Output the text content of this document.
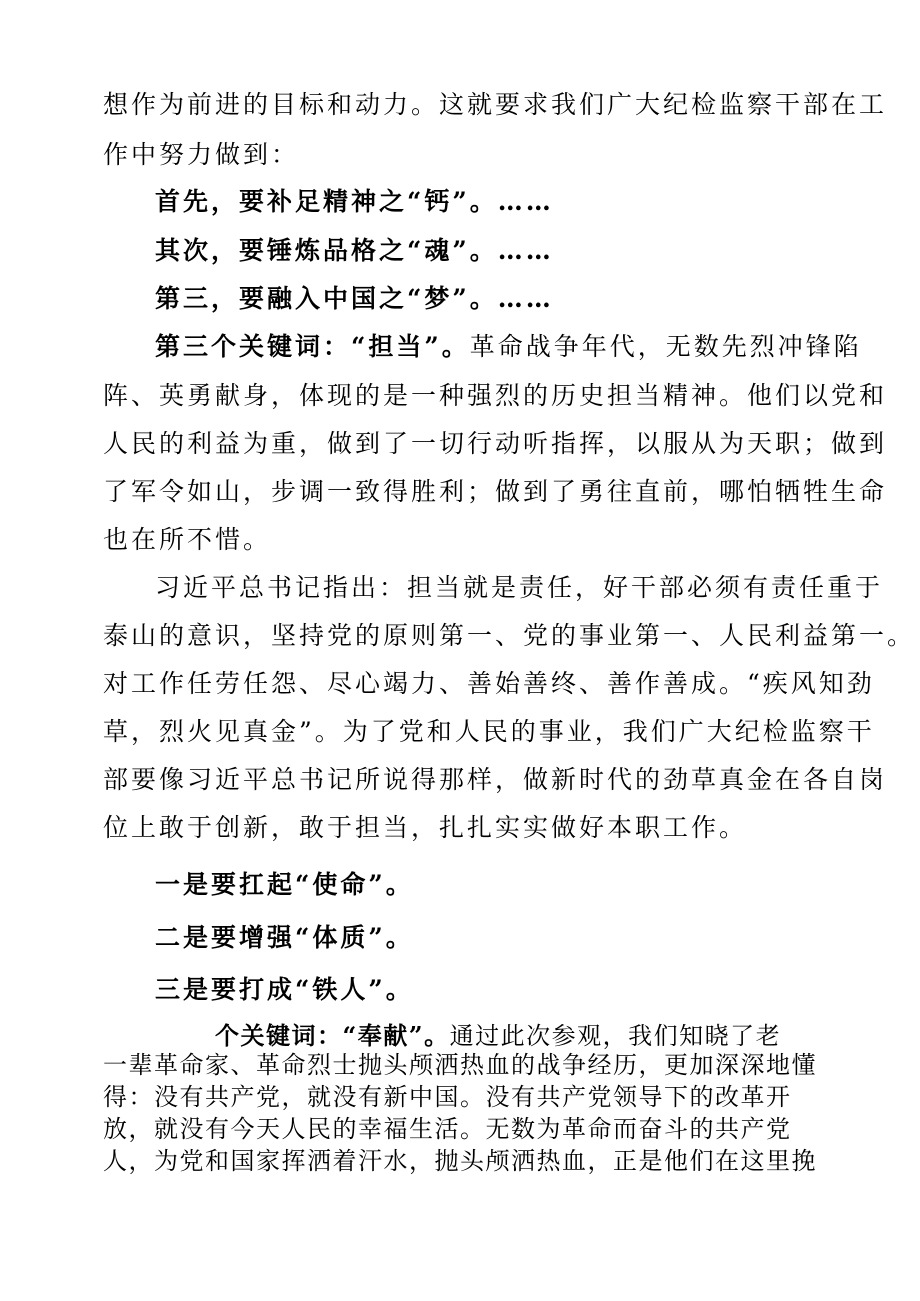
想作为前进的目标和动力。这就要求我们广大纪检监察干部在工
作中努力做到：
首先，要补足精神之“钙”。……
其次，要锤炼品格之“魂”。……
第三，要融入中国之“梦”。……
第三个关键词：“担当”。革命战争年代，无数先烈冲锋陷
阵、英勇献身，体现的是一种强烈的历史担当精神。他们以党和
人民的利益为重，做到了一切行动听指挥，以服从为天职；做到
了军令如山，步调一致得胜利；做到了勇往直前，哪怕牺牲生命
也在所不惜。
习近平总书记指出：担当就是责任，好干部必须有责任重于
泰山的意识，坚持党的原则第一、党的事业第一、人民利益第一。
对工作任劳任怨、尽心竭力、善始善终、善作善成。“疾风知劲
草，烈火见真金”。为了党和人民的事业，我们广大纪检监察干
部要像习近平总书记所说得那样，做新时代的劲草真金在各自岗
位上敢于创新，敢于担当，扎扎实实做好本职工作。
一是要扛起“使命”。
二是要增强“体质”。
三是要打成“铁人”。
个关键词：“奉献”。通过此次参观，我们知晓了老
一辈革命家、革命烈士抛头颅洒热血的战争经历，更加深深地懂
得：没有共产党，就没有新中国。没有共产党领导下的改革开
放，就没有今天人民的幸福生活。无数为革命而奋斗的共产党
人，为党和国家挥洒着汗水，抛头颅洒热血，正是他们在这里挽
